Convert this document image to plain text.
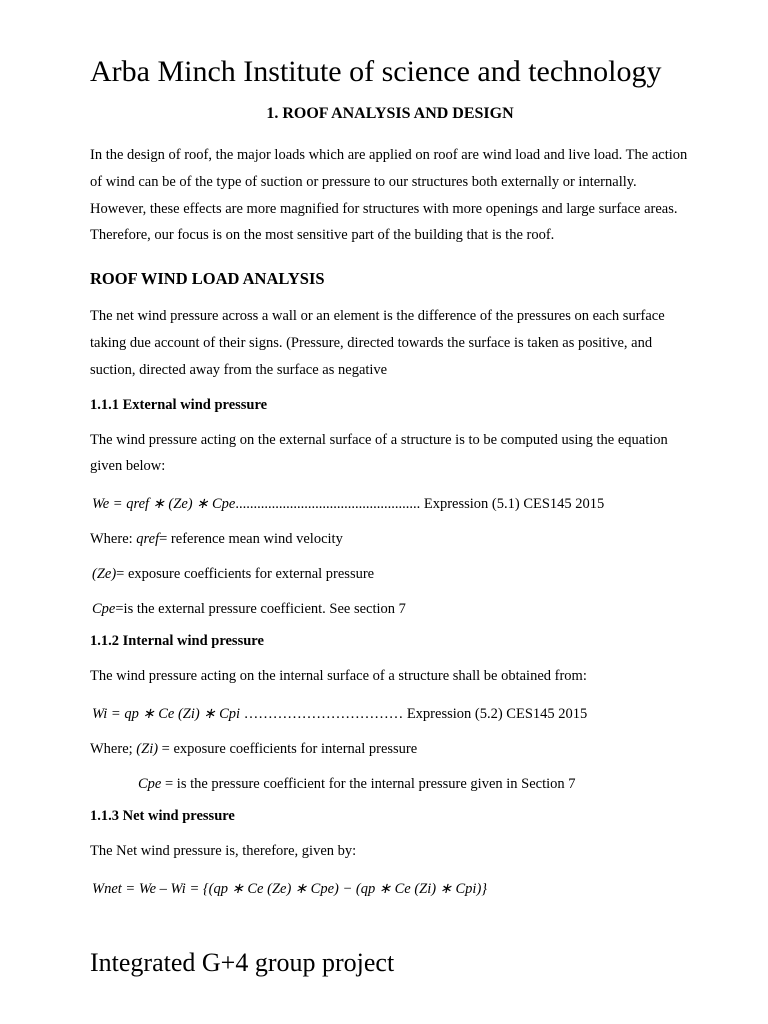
Arba Minch Institute of science and technology
1. ROOF ANALYSIS AND DESIGN

In the design of roof, the major loads which are applied on roof are wind load and live load. The action of wind can be of the type of suction or pressure to our structures both externally or internally. However, these effects are more magnified for structures with more openings and large surface areas. Therefore, our focus is on the most sensitive part of the building that is the roof.

ROOF WIND LOAD ANALYSIS

The net wind pressure across a wall or an element is the difference of the pressures on each surface taking due account of their signs. (Pressure, directed towards the surface is taken as positive, and suction, directed away from the surface as negative

1.1.1 External wind pressure

The wind pressure acting on the external surface of a structure is to be computed using the equation given below:

We = qref ∗ (Ze) ∗ Cpe................................................... Expression (5.1) CES145 2015
Where: qref= reference mean wind velocity
(Ze)= exposure coefficients for external pressure
Cpe=is the external pressure coefficient. See section 7
1.1.2 Internal wind pressure

The wind pressure acting on the internal surface of a structure shall be obtained from:

Wi = qp ∗ Ce (Zi) ∗ Cpi …………………………… Expression (5.2) CES145 2015
Where; (Zi) = exposure coefficients for internal pressure
Cpe = is the pressure coefficient for the internal pressure given in Section 7
1.1.3 Net wind pressure

The Net wind pressure is, therefore, given by:

Wnet = We – Wi = {(qp ∗ Ce (Ze) ∗ Cpe) − (qp ∗ Ce (Zi) ∗ Cpi)}
Integrated G+4 group project
